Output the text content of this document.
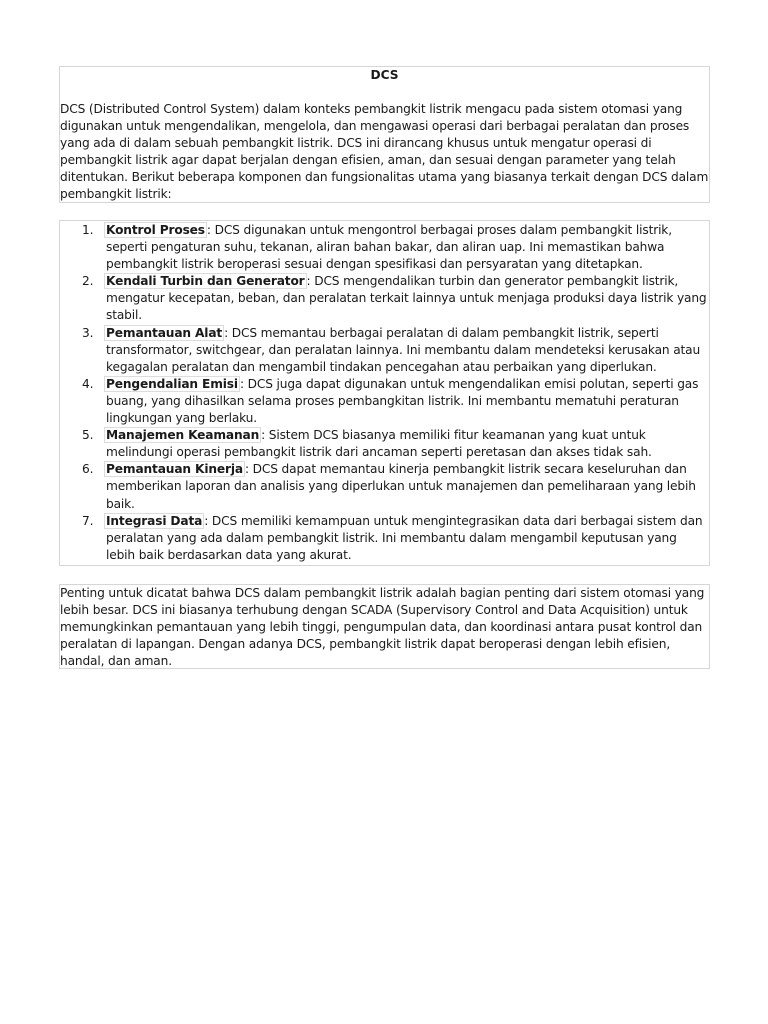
DCS

DCS (Distributed Control System) dalam konteks pembangkit listrik mengacu pada sistem otomasi yang digunakan untuk mengendalikan, mengelola, dan mengawasi operasi dari berbagai peralatan dan proses yang ada di dalam sebuah pembangkit listrik. DCS ini dirancang khusus untuk mengatur operasi di pembangkit listrik agar dapat berjalan dengan efisien, aman, dan sesuai dengan parameter yang telah ditentukan. Berikut beberapa komponen dan fungsionalitas utama yang biasanya terkait dengan DCS dalam pembangkit listrik:

1. Kontrol Proses : DCS digunakan untuk mengontrol berbagai proses dalam pembangkit listrik, seperti pengaturan suhu, tekanan, aliran bahan bakar, dan aliran uap. Ini memastikan bahwa pembangkit listrik beroperasi sesuai dengan spesifikasi dan persyaratan yang ditetapkan.
2. Kendali Turbin dan Generator : DCS mengendalikan turbin dan generator pembangkit listrik, mengatur kecepatan, beban, dan peralatan terkait lainnya untuk menjaga produksi daya listrik yang stabil.
3. Pemantauan Alat : DCS memantau berbagai peralatan di dalam pembangkit listrik, seperti transformator, switchgear, dan peralatan lainnya. Ini membantu dalam mendeteksi kerusakan atau kegagalan peralatan dan mengambil tindakan pencegahan atau perbaikan yang diperlukan.
4. Pengendalian Emisi : DCS juga dapat digunakan untuk mengendalikan emisi polutan, seperti gas buang, yang dihasilkan selama proses pembangkitan listrik. Ini membantu mematuhi peraturan lingkungan yang berlaku.
5. Manajemen Keamanan : Sistem DCS biasanya memiliki fitur keamanan yang kuat untuk melindungi operasi pembangkit listrik dari ancaman seperti peretasan dan akses tidak sah.
6. Pemantauan Kinerja : DCS dapat memantau kinerja pembangkit listrik secara keseluruhan dan memberikan laporan dan analisis yang diperlukan untuk manajemen dan pemeliharaan yang lebih baik.
7. Integrasi Data : DCS memiliki kemampuan untuk mengintegrasikan data dari berbagai sistem dan peralatan yang ada dalam pembangkit listrik. Ini membantu dalam mengambil keputusan yang lebih baik berdasarkan data yang akurat.

Penting untuk dicatat bahwa DCS dalam pembangkit listrik adalah bagian penting dari sistem otomasi yang lebih besar. DCS ini biasanya terhubung dengan SCADA (Supervisory Control and Data Acquisition) untuk memungkinkan pemantauan yang lebih tinggi, pengumpulan data, dan koordinasi antara pusat kontrol dan peralatan di lapangan. Dengan adanya DCS, pembangkit listrik dapat beroperasi dengan lebih efisien, handal, dan aman.
